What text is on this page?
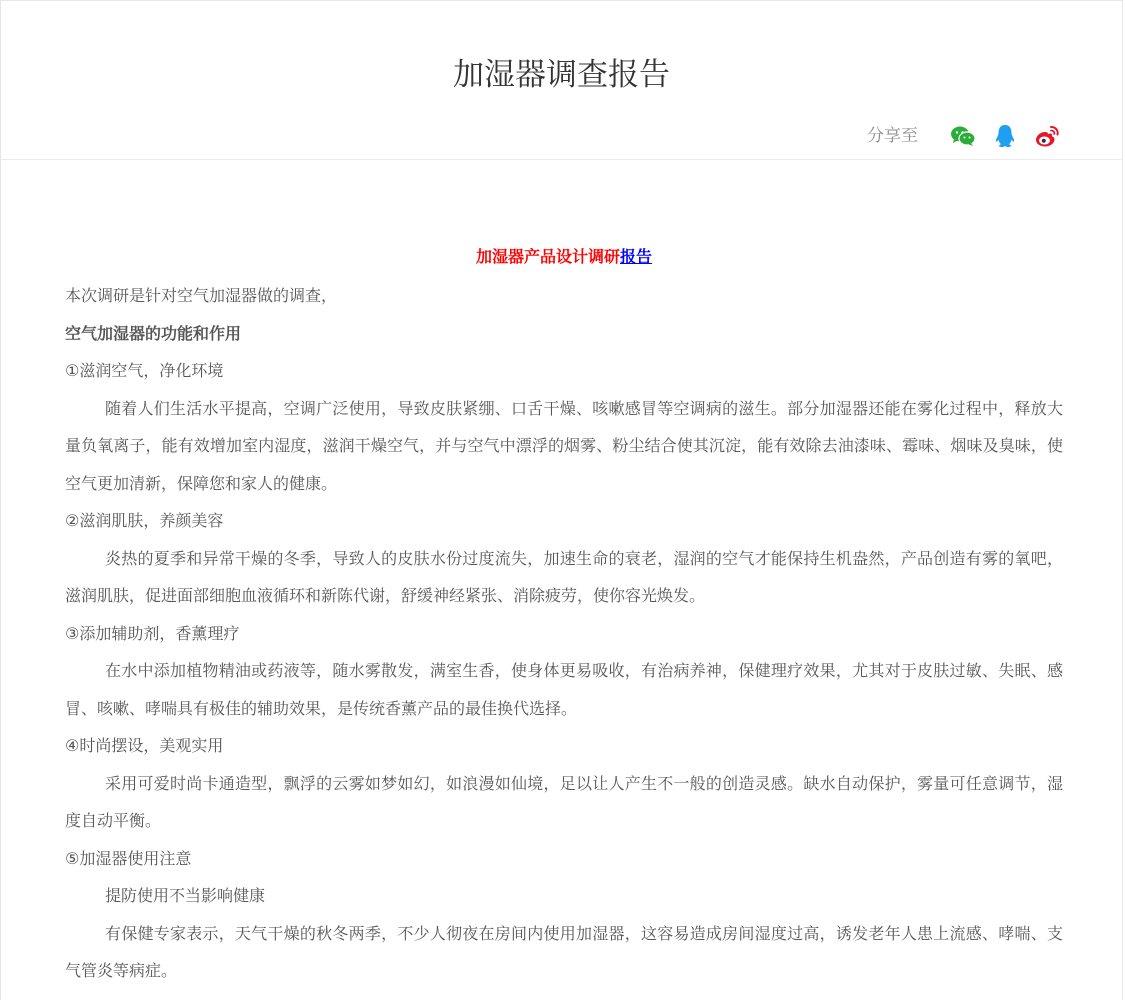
加湿器调查报告
分享至
加湿器产品设计调研报告

本次调研是针对空气加湿器做的调查，

空气加湿器的功能和作用

①滋润空气，净化环境

随着人们生活水平提高，空调广泛使用，导致皮肤紧绷、口舌干燥、咳嗽感冒等空调病的滋生。部分加湿器还能在雾化过程中，释放大量负氧离子，能有效增加室内湿度，滋润干燥空气，并与空气中漂浮的烟雾、粉尘结合使其沉淀，能有效除去油漆味、霉味、烟味及臭味，使空气更加清新，保障您和家人的健康。

②滋润肌肤，养颜美容

炎热的夏季和异常干燥的冬季，导致人的皮肤水份过度流失，加速生命的衰老，湿润的空气才能保持生机盎然，产品创造有雾的氧吧，滋润肌肤，促进面部细胞血液循环和新陈代谢，舒缓神经紧张、消除疲劳，使你容光焕发。

③添加辅助剂，香薰理疗

在水中添加植物精油或药液等，随水雾散发，满室生香，使身体更易吸收，有治病养神，保健理疗效果，尤其对于皮肤过敏、失眠、感冒、咳嗽、哮喘具有极佳的辅助效果，是传统香薰产品的最佳换代选择。

④时尚摆设，美观实用

采用可爱时尚卡通造型，飘浮的云雾如梦如幻，如浪漫如仙境，足以让人产生不一般的创造灵感。缺水自动保护，雾量可任意调节，湿度自动平衡。

⑤加湿器使用注意

提防使用不当影响健康

有保健专家表示，天气干燥的秋冬两季，不少人彻夜在房间内使用加湿器，这容易造成房间湿度过高，诱发老年人患上流感、哮喘、支气管炎等病症。
